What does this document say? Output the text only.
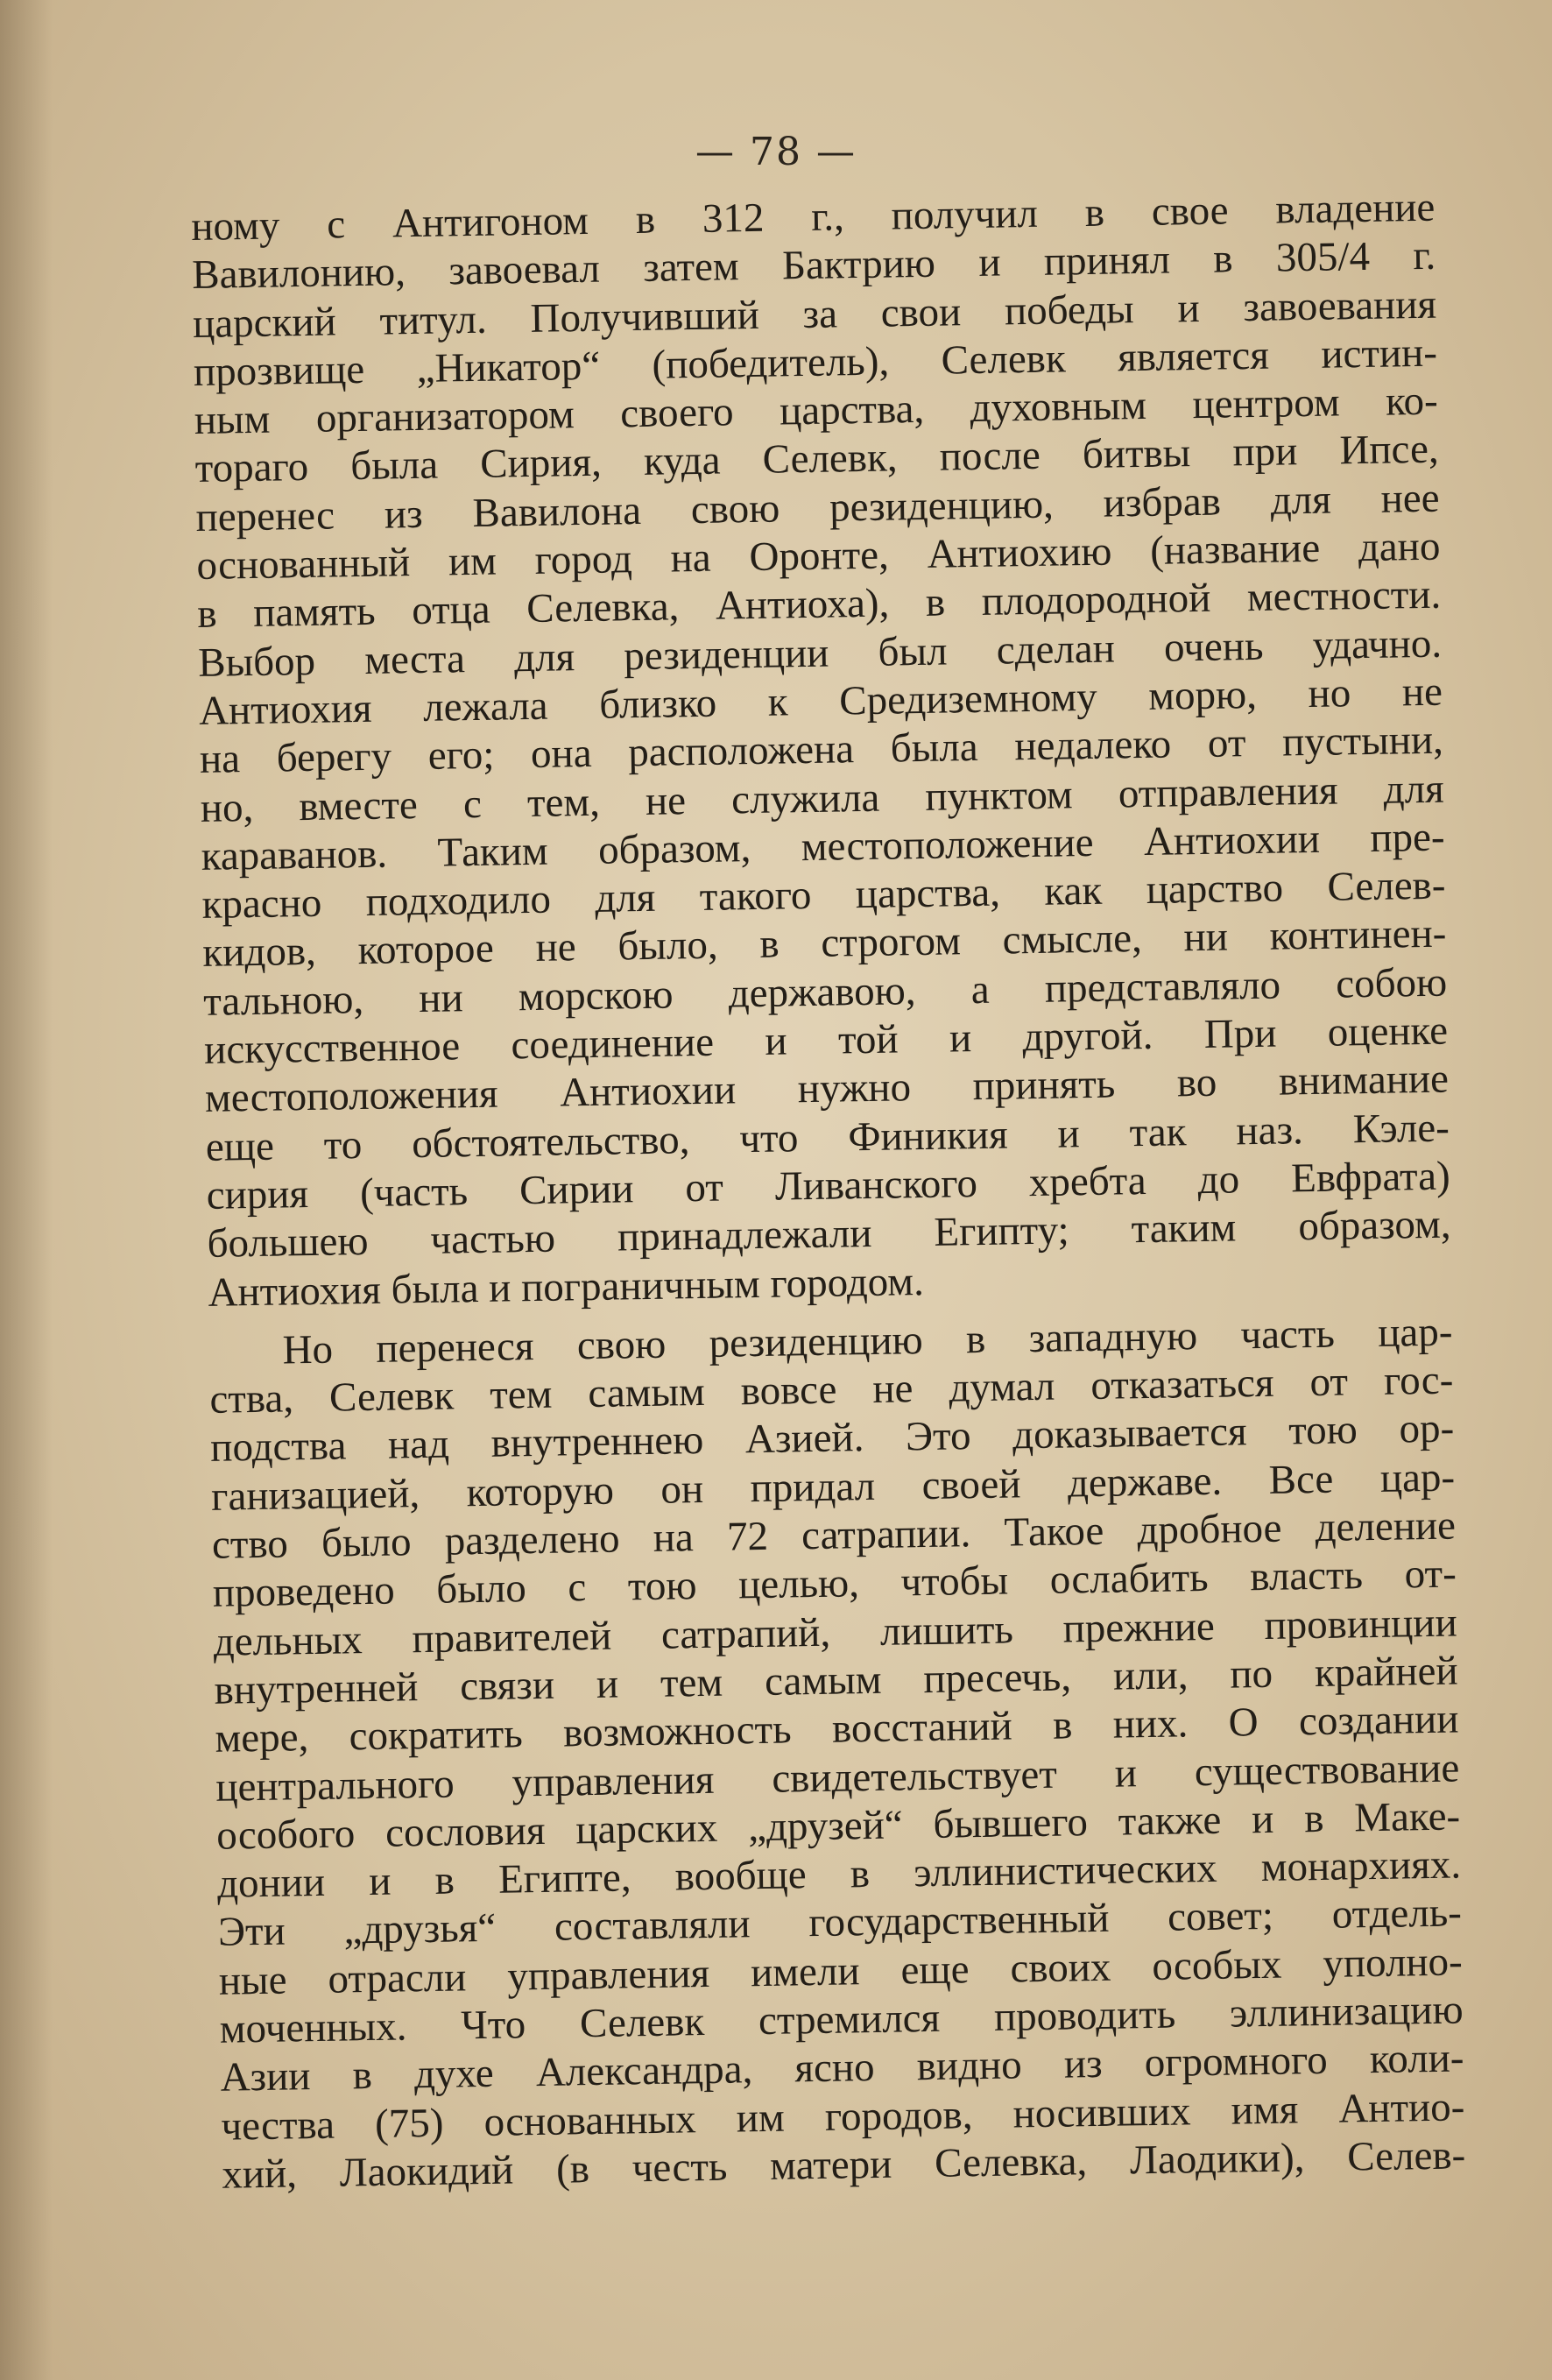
— 78 —
ному с Антигоном в 312 г., получил в свое владение
Вавилонию, завоевал затем Бактрию и принял в 305/4 г.
царский титул. Получивший за свои победы и завоевания
прозвище „Никатор“ (победитель), Селевк является истин-
ным организатором своего царства, духовным центром ко-
тораго была Сирия, куда Селевк, после битвы при Ипсе,
перенес из Вавилона свою резиденцию, избрав для нее
основанный им город на Оронте, Антиохию (название дано
в память отца Селевка, Антиоха), в плодородной местности.
Выбор места для резиденции был сделан очень удачно.
Антиохия лежала близко к Средиземному морю, но не
на берегу его; она расположена была недалеко от пустыни,
но, вместе с тем, не служила пунктом отправления для
караванов. Таким образом, местоположение Антиохии пре-
красно подходило для такого царства, как царство Селев-
кидов, которое не было, в строгом смысле, ни континен-
тальною, ни морскою державою, а представляло собою
искусственное соединение и той и другой. При оценке
местоположения Антиохии нужно принять во внимание
еще то обстоятельство, что Финикия и так наз. Кэле-
сирия (часть Сирии от Ливанского хребта до Евфрата)
большею частью принадлежали Египту; таким образом,
Антиохия была и пограничным городом.
Но перенеся свою резиденцию в западную часть цар-
ства, Селевк тем самым вовсе не думал отказаться от гос-
подства над внутреннею Азией. Это доказывается тою ор-
ганизацией, которую он придал своей державе. Все цар-
ство было разделено на 72 сатрапии. Такое дробное деление
проведено было с тою целью, чтобы ослабить власть от-
дельных правителей сатрапий, лишить прежние провинции
внутренней связи и тем самым пресечь, или, по крайней
мере, сократить возможность восстаний в них. О создании
центрального управления свидетельствует и существование
особого сословия царских „друзей“ бывшего также и в Маке-
донии и в Египте, вообще в эллинистических монархиях.
Эти „друзья“ составляли государственный совет; отдель-
ные отрасли управления имели еще своих особых уполно-
моченных. Что Селевк стремился проводить эллинизацию
Азии в духе Александра, ясно видно из огромного коли-
чества (75) основанных им городов, носивших имя Антио-
хий, Лаокидий (в честь матери Селевка, Лаодики), Селев-
